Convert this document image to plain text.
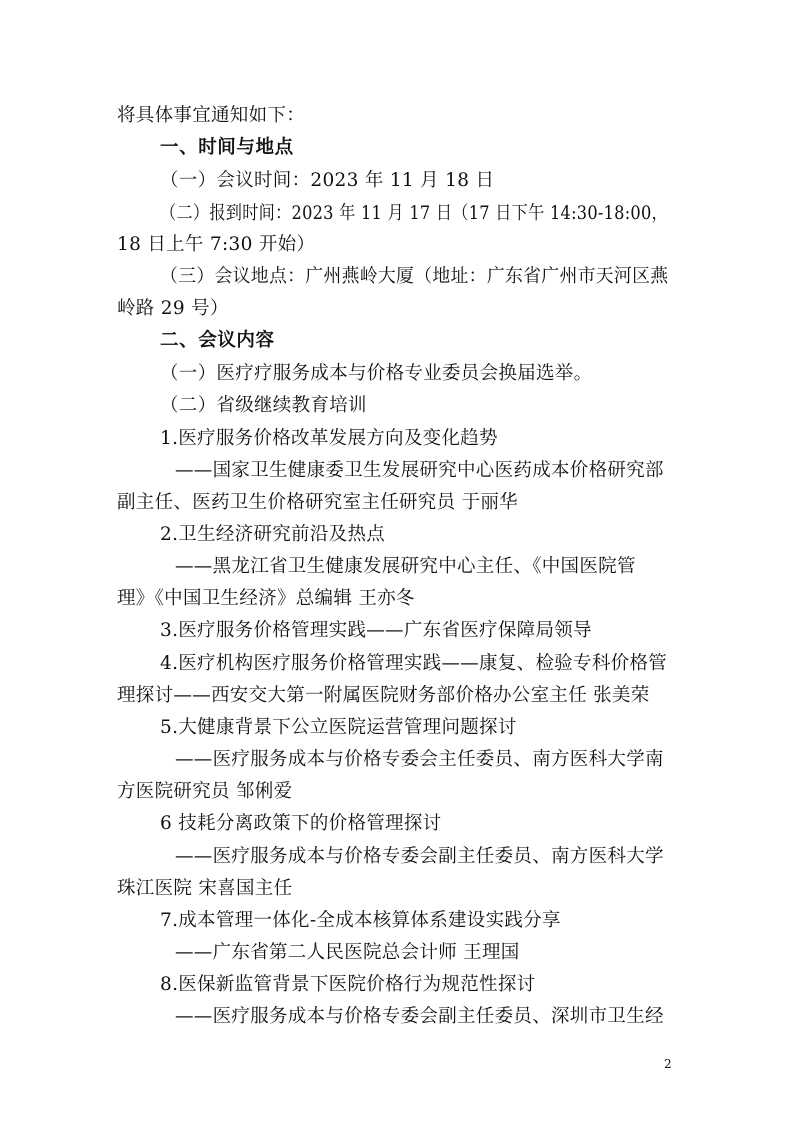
将具体事宜通知如下：
一、时间与地点
（一）会议时间：2023 年 11 月 18 日
（二）报到时间：2023 年 11 月 17 日（17 日下午 14:30-18:00，
18 日上午 7:30 开始）
（三）会议地点：广州燕岭大厦（地址：广东省广州市天河区燕
岭路 29 号）
二、会议内容
（一）医疗疗服务成本与价格专业委员会换届选举。
（二）省级继续教育培训
1.医疗服务价格改革发展方向及变化趋势
——国家卫生健康委卫生发展研究中心医药成本价格研究部
副主任、医药卫生价格研究室主任研究员 于丽华
2.卫生经济研究前沿及热点
——黑龙江省卫生健康发展研究中心主任、《中国医院管
理》《中国卫生经济》总编辑 王亦冬
3.医疗服务价格管理实践——广东省医疗保障局领导
4.医疗机构医疗服务价格管理实践——康复、检验专科价格管
理探讨——西安交大第一附属医院财务部价格办公室主任 张美荣
5.大健康背景下公立医院运营管理问题探讨
——医疗服务成本与价格专委会主任委员、南方医科大学南
方医院研究员 邹俐爱
6 技耗分离政策下的价格管理探讨
——医疗服务成本与价格专委会副主任委员、南方医科大学
珠江医院 宋喜国主任
7.成本管理一体化-全成本核算体系建设实践分享
——广东省第二人民医院总会计师 王理国
8.医保新监管背景下医院价格行为规范性探讨
——医疗服务成本与价格专委会副主任委员、深圳市卫生经
2
